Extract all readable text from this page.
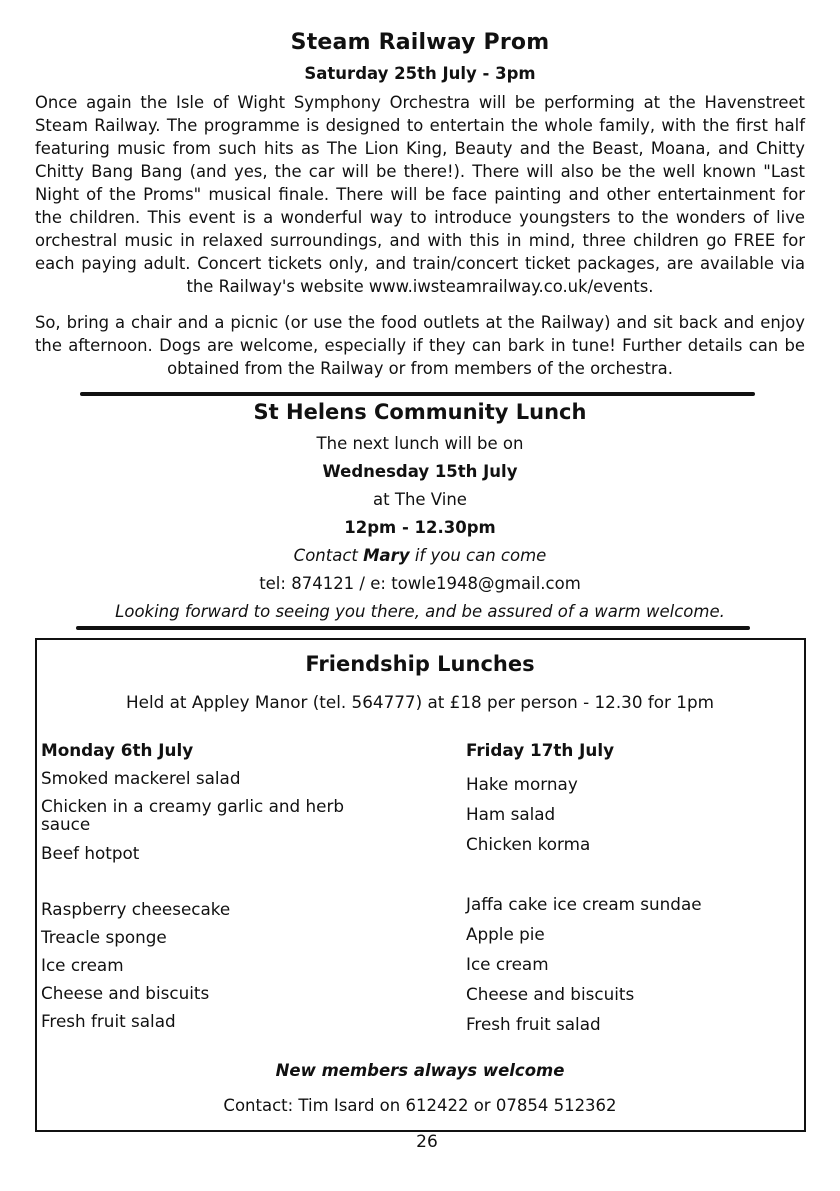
Steam Railway Prom
Saturday 25th July - 3pm

Once again the Isle of Wight Symphony Orchestra will be performing at the Havenstreet Steam Railway. The programme is designed to entertain the whole family, with the first half featuring music from such hits as The Lion King, Beauty and the Beast, Moana, and Chitty Chitty Bang Bang (and yes, the car will be there!). There will also be the well known "Last Night of the Proms" musical finale. There will be face painting and other entertainment for the children. This event is a wonderful way to introduce youngsters to the wonders of live orchestral music in relaxed surroundings, and with this in mind, three children go FREE for each paying adult. Concert tickets only, and train/concert ticket packages, are available via the Railway's website www.iwsteamrailway.co.uk/events.

So, bring a chair and a picnic (or use the food outlets at the Railway) and sit back and enjoy the afternoon. Dogs are welcome, especially if they can bark in tune! Further details can be obtained from the Railway or from members of the orchestra.

St Helens Community Lunch
The next lunch will be on
Wednesday 15th July
at The Vine
12pm - 12.30pm
Contact Mary if you can come
tel: 874121 / e: towle1948@gmail.com
Looking forward to seeing you there, and be assured of a warm welcome.
Friendship Lunches
Held at Appley Manor (tel. 564777) at £18 per person - 12.30 for 1pm
Monday 6th July
Smoked mackerel salad
Chicken in a creamy garlic and herb sauce
Beef hotpot
Raspberry cheesecake
Treacle sponge
Ice cream
Cheese and biscuits
Fresh fruit salad
Friday 17th July
Hake mornay
Ham salad
Chicken korma
Jaffa cake ice cream sundae
Apple pie
Ice cream
Cheese and biscuits
Fresh fruit salad
New members always welcome
Contact: Tim Isard on 612422 or 07854 512362
26
